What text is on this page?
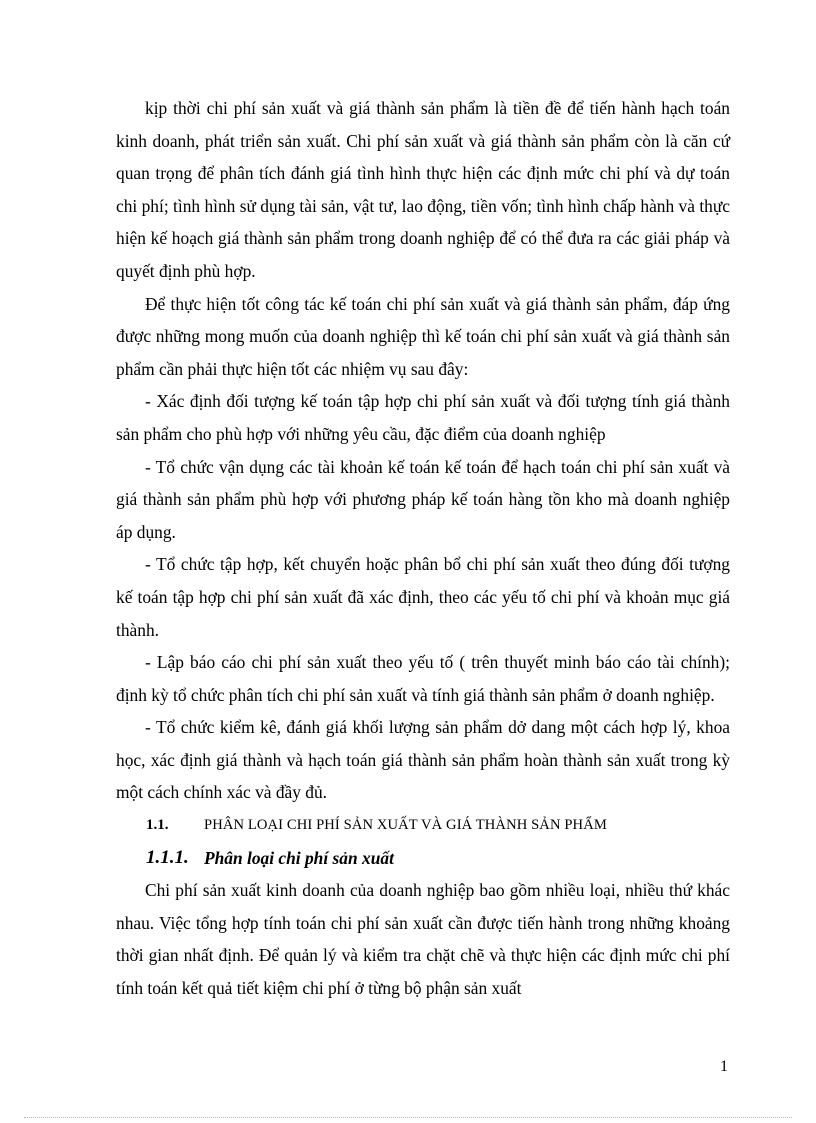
kịp thời chi phí sản xuất và giá thành sản phẩm là tiền đề để tiến hành hạch toán kinh doanh, phát triển sản xuất. Chi phí sản xuất và giá thành sản phẩm còn là căn cứ quan trọng để phân tích đánh giá tình hình thực hiện các định mức chi phí và dự toán chi phí; tình hình sử dụng tài sản, vật tư, lao động, tiền vốn; tình hình chấp hành và thực hiện kế hoạch giá thành sản phẩm trong doanh nghiệp để có thể đưa ra các giải pháp và quyết định phù hợp.

Để thực hiện tốt công tác kế toán chi phí sản xuất và giá thành sản phẩm, đáp ứng được những mong muốn của doanh nghiệp thì kế toán chi phí sản xuất và giá thành sản phẩm cần phải thực hiện tốt các nhiệm vụ sau đây:

- Xác định đối tượng kế toán tập hợp chi phí sản xuất và đối tượng tính giá thành sản phẩm cho phù hợp với những yêu cầu, đặc điểm của doanh nghiệp

- Tổ chức vận dụng các tài khoản kế toán kế toán để hạch toán chi phí sản xuất và giá thành sản phẩm phù hợp với phương pháp kế toán hàng tồn kho mà doanh nghiệp áp dụng.

- Tổ chức tập hợp, kết chuyển hoặc phân bổ chi phí sản xuất theo đúng đối tượng kế toán tập hợp chi phí sản xuất đã xác định, theo các yếu tố chi phí và khoản mục giá thành.

- Lập báo cáo chi phí sản xuất theo yếu tố ( trên thuyết minh báo cáo tài chính); định kỳ tổ chức phân tích chi phí sản xuất và tính giá thành sản phẩm ở doanh nghiệp.

- Tổ chức kiểm kê, đánh giá khối lượng sản phẩm dở dang một cách hợp lý, khoa học, xác định giá thành và hạch toán giá thành sản phẩm hoàn thành sản xuất trong kỳ một cách chính xác và đầy đủ.

1.1.	PHÂN LOẠI CHI PHÍ SẢN XUẤT VÀ GIÁ THÀNH SẢN PHẨM
1.1.1. Phân loại chi phí sản xuất

Chi phí sản xuất kinh doanh của doanh nghiệp bao gồm nhiều loại, nhiều thứ khác nhau. Việc tổng hợp tính toán chi phí sản xuất cần được tiến hành trong những khoảng thời gian nhất định. Để quản lý và kiểm tra chặt chẽ và thực hiện các định mức chi phí tính toán kết quả tiết kiệm chi phí ở từng bộ phận sản xuất

1
